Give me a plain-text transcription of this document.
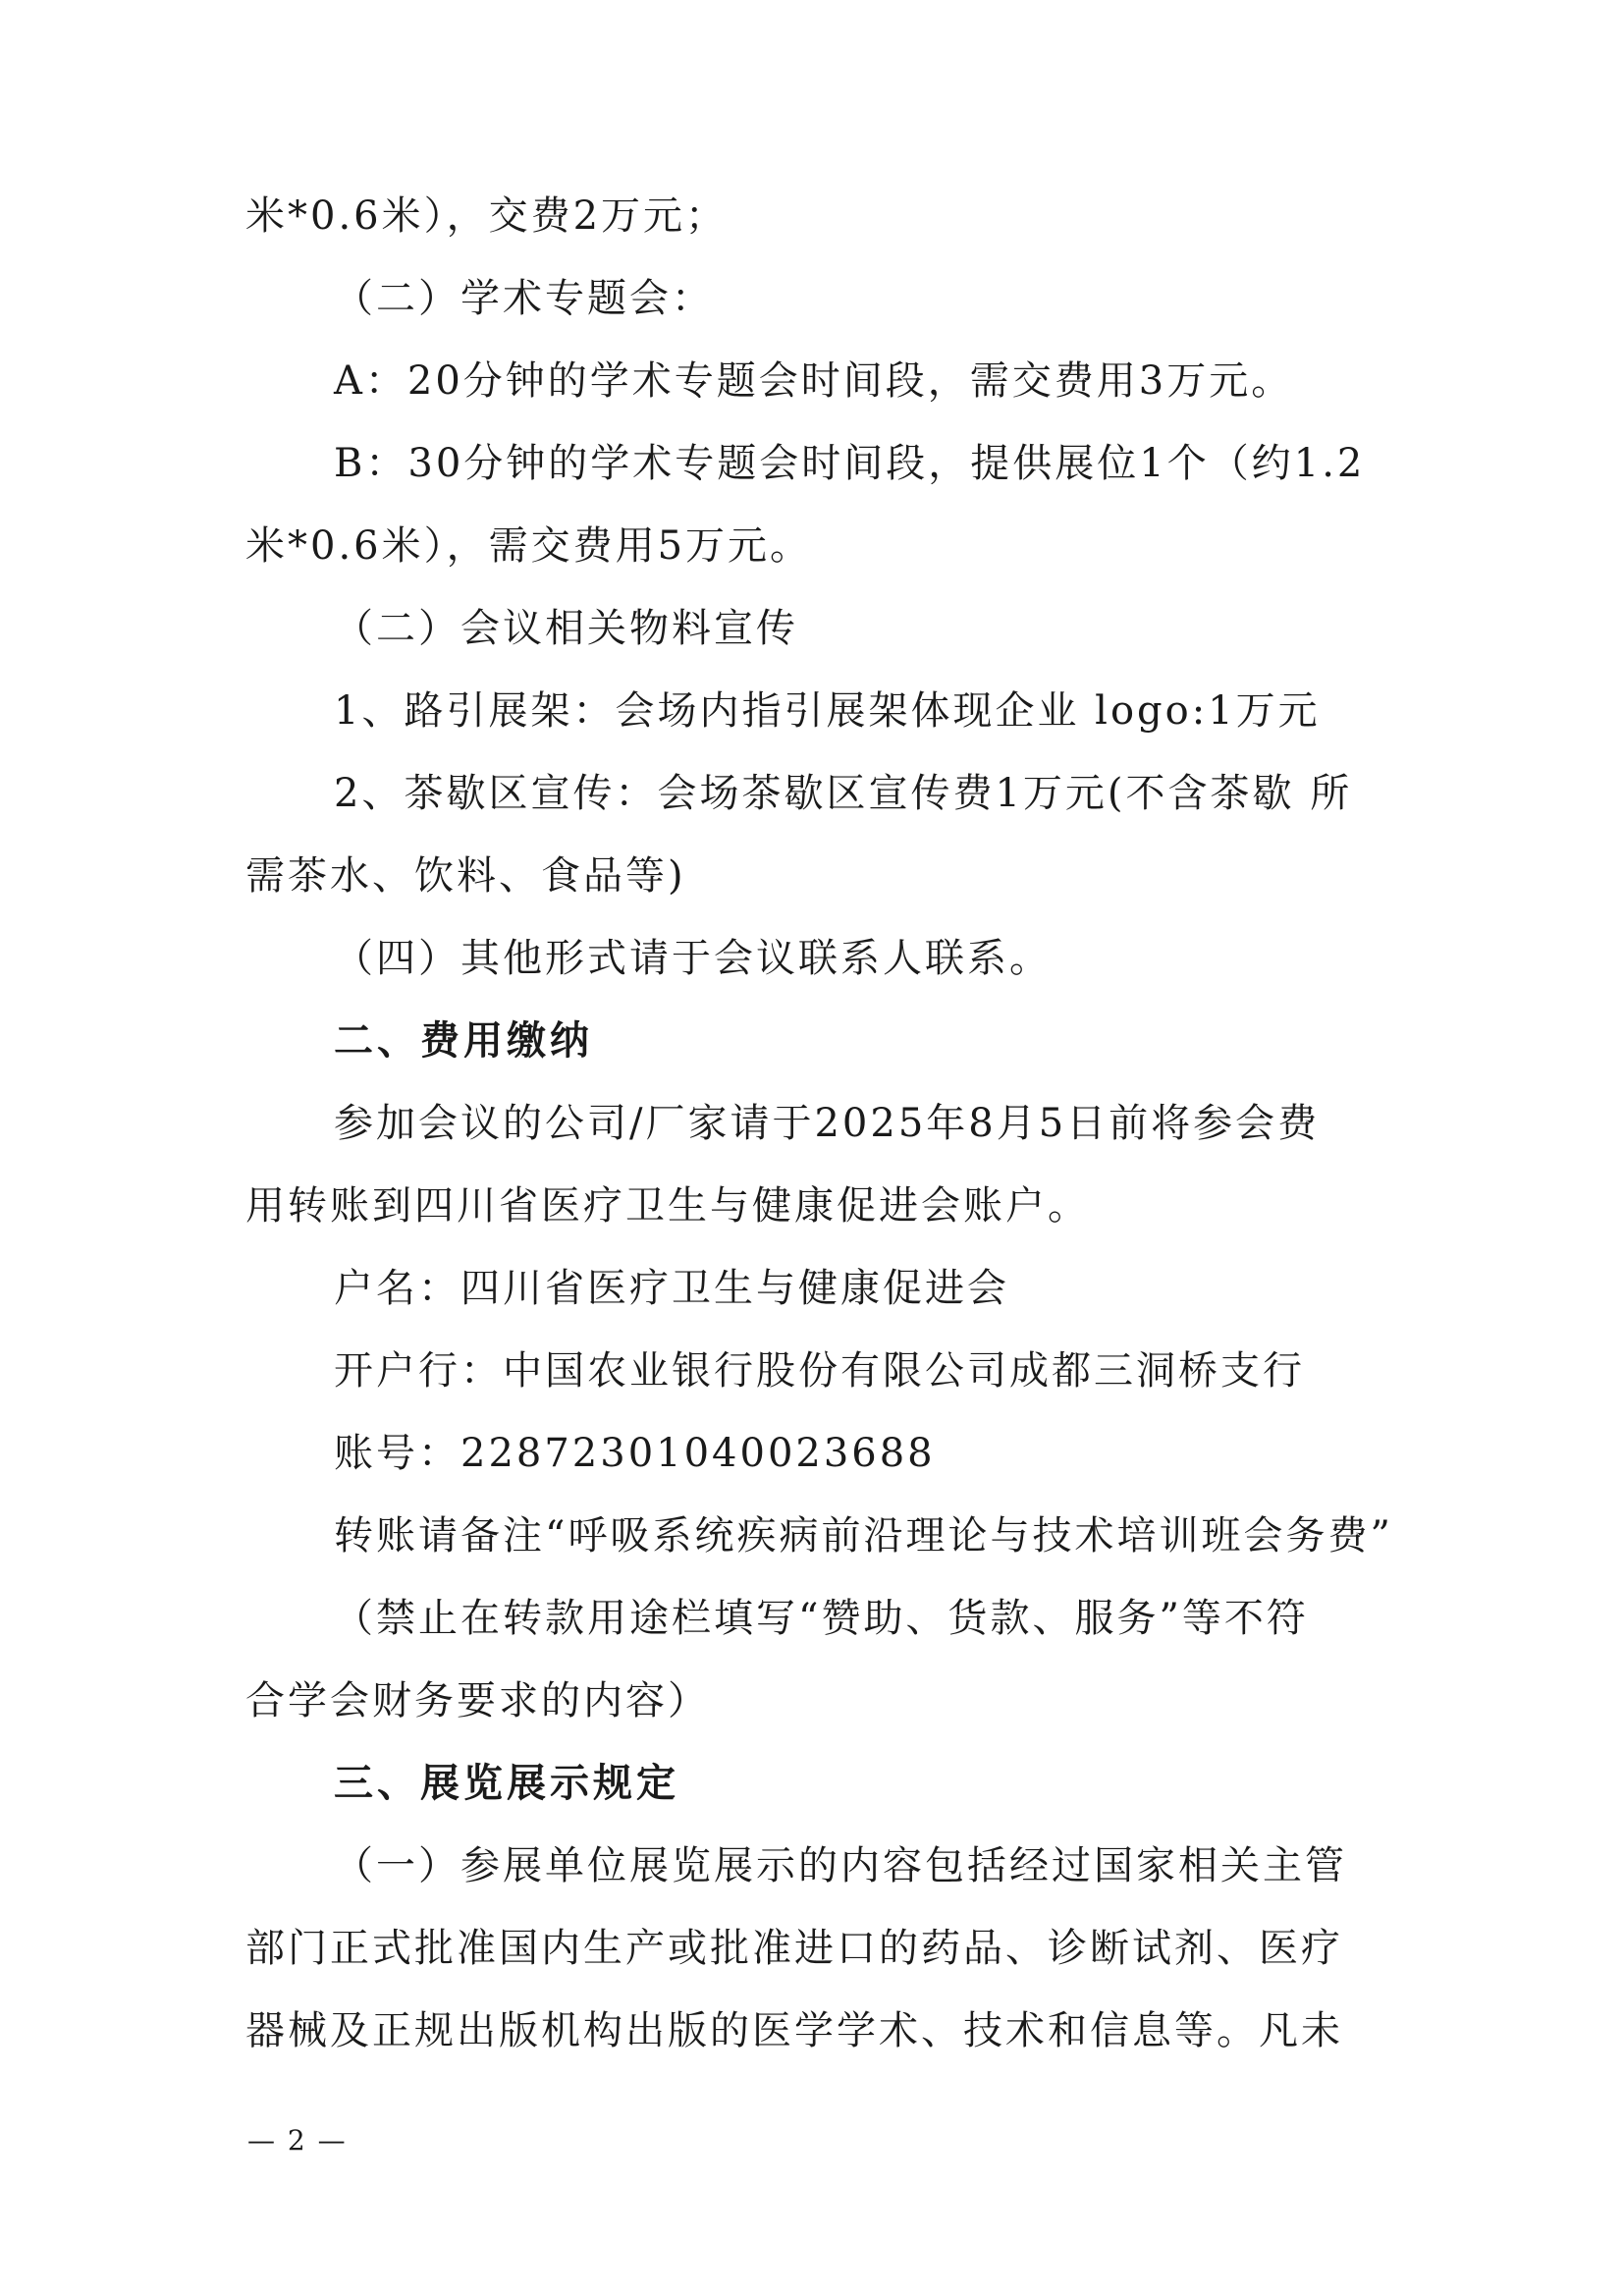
米*0.6米），交费2万元；
（二）学术专题会：
A：20分钟的学术专题会时间段，需交费用3万元。
B：30分钟的学术专题会时间段，提供展位1个（约1.2
米*0.6米），需交费用5万元。
（二）会议相关物料宣传
1、路引展架：会场内指引展架体现企业 logo:1万元
2、茶歇区宣传：会场茶歇区宣传费1万元(不含茶歇 所
需茶水、饮料、食品等)
（四）其他形式请于会议联系人联系。
二、费用缴纳
参加会议的公司/厂家请于2025年8月5日前将参会费
用转账到四川省医疗卫生与健康促进会账户。
户名：四川省医疗卫生与健康促进会
开户行：中国农业银行股份有限公司成都三洞桥支行
账号：22872301040023688
转账请备注“呼吸系统疾病前沿理论与技术培训班会务费”
（禁止在转款用途栏填写“赞助、货款、服务”等不符
合学会财务要求的内容）
三、展览展示规定
（一）参展单位展览展示的内容包括经过国家相关主管
部门正式批准国内生产或批准进口的药品、诊断试剂、医疗
器械及正规出版机构出版的医学学术、技术和信息等。凡未
— 2 —
